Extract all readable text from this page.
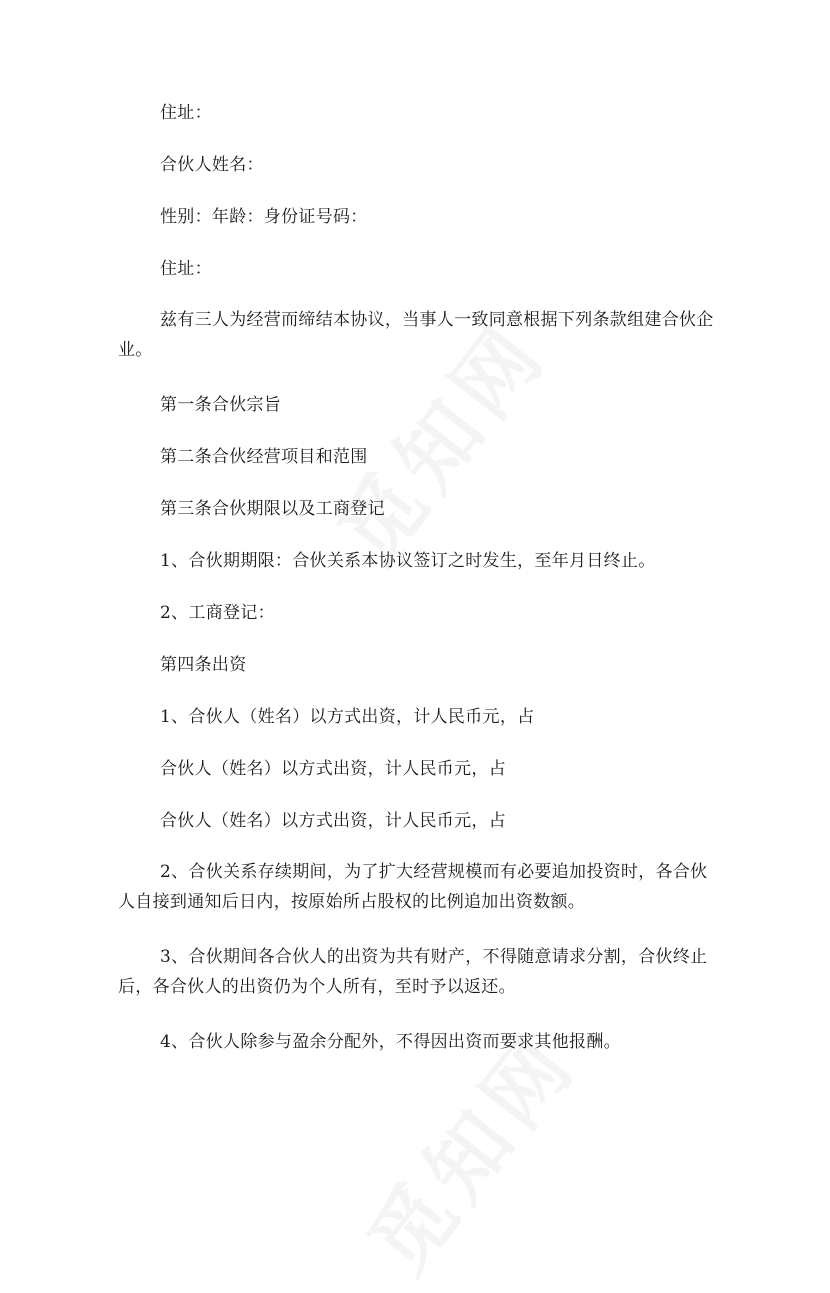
住址：

合伙人姓名：

性别：年龄：身份证号码：

住址：

兹有三人为经营而缔结本协议，当事人一致同意根据下列条款组建合伙企业。

第一条合伙宗旨

第二条合伙经营项目和范围

第三条合伙期限以及工商登记

1、合伙期期限：合伙关系本协议签订之时发生，至年月日终止。

2、工商登记：

第四条出资

1、合伙人（姓名）以方式出资，计人民币元，占

合伙人（姓名）以方式出资，计人民币元，占

合伙人（姓名）以方式出资，计人民币元，占

2、合伙关系存续期间，为了扩大经营规模而有必要追加投资时，各合伙人自接到通知后日内，按原始所占股权的比例追加出资数额。

3、合伙期间各合伙人的出资为共有财产，不得随意请求分割，合伙终止后，各合伙人的出资仍为个人所有，至时予以返还。

4、合伙人除参与盈余分配外，不得因出资而要求其他报酬。
